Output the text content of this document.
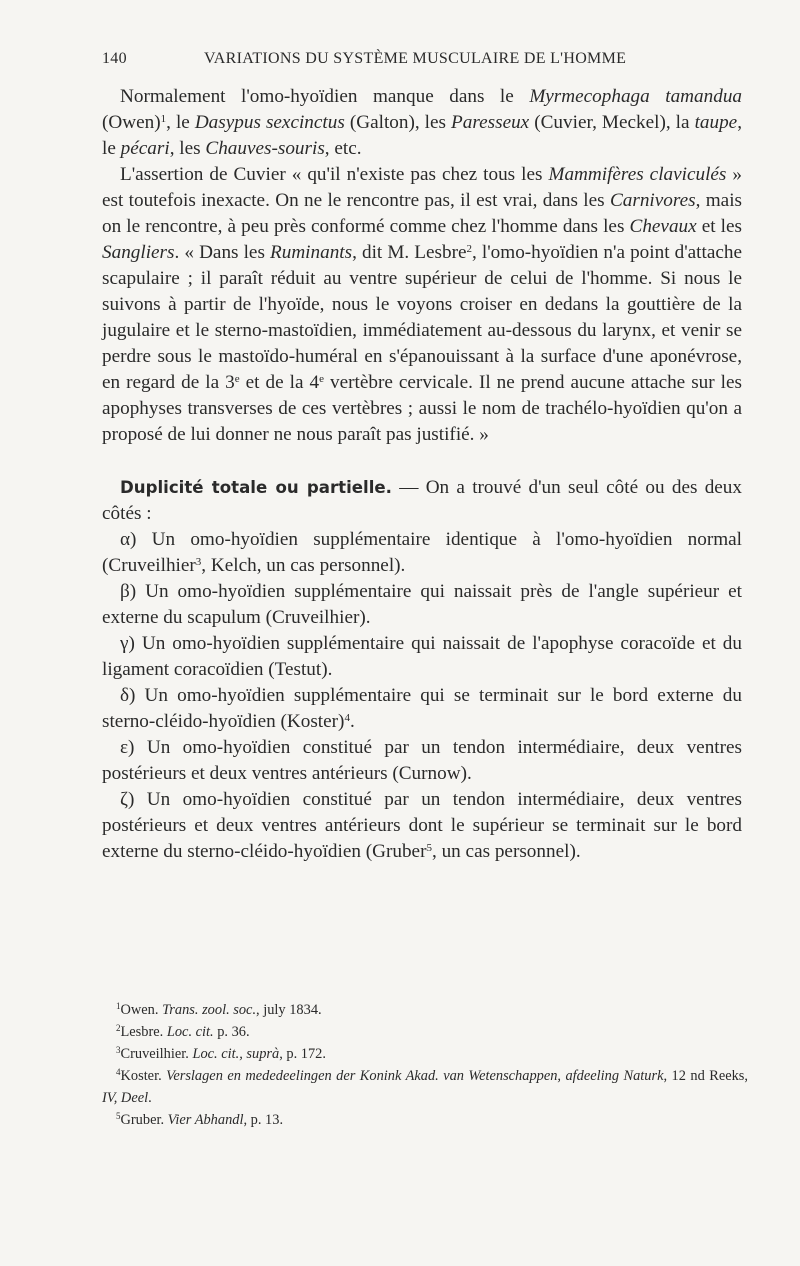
140	VARIATIONS DU SYSTÈME MUSCULAIRE DE L'HOMME

Normalement l'omo-hyoïdien manque dans le Myrmecophaga tamandua (Owen)$^1$, le Dasypus sexcinctus (Galton), les Paresseux (Cuvier, Meckel), la taupe, le pécari, les Chauves-souris, etc.

L'assertion de Cuvier « qu'il n'existe pas chez tous les Mammifères claviculés » est toutefois inexacte. On ne le rencontre pas, il est vrai, dans les Carnivores, mais on le rencontre, à peu près conformé comme chez l'homme dans les Chevaux et les Sangliers. « Dans les Ruminants, dit M. Lesbre$^2$, l'omo-hyoïdien n'a point d'attache scapulaire ; il paraît réduit au ventre supérieur de celui de l'homme. Si nous le suivons à partir de l'hyoïde, nous le voyons croiser en dedans la gouttière de la jugulaire et le sterno-mastoïdien, immédiatement au-dessous du larynx, et venir se perdre sous le mastoïdo-huméral en s'épanouissant à la surface d'une aponévrose, en regard de la 3e et de la 4e vertèbre cervicale. Il ne prend aucune attache sur les apophyses transverses de ces vertèbres ; aussi le nom de trachélo-hyoïdien qu'on a proposé de lui donner ne nous paraît pas justifié. »

Duplicité totale ou partielle. — On a trouvé d'un seul côté ou des deux côtés :

α) Un omo-hyoïdien supplémentaire identique à l'omo-hyoïdien normal (Cruveilhier$^3$, Kelch, un cas personnel).

β) Un omo-hyoïdien supplémentaire qui naissait près de l'angle supérieur et externe du scapulum (Cruveilhier).

γ) Un omo-hyoïdien supplémentaire qui naissait de l'apophyse coracoïde et du ligament coracoïdien (Testut).

δ) Un omo-hyoïdien supplémentaire qui se terminait sur le bord externe du sterno-cléido-hyoïdien (Koster)$^4$.

ε) Un omo-hyoïdien constitué par un tendon intermédiaire, deux ventres postérieurs et deux ventres antérieurs (Curnow).

ζ) Un omo-hyoïdien constitué par un tendon intermédiaire, deux ventres postérieurs et deux ventres antérieurs dont le supérieur se terminait sur le bord externe du sterno-cléido-hyoïdien (Gruber$^5$, un cas personnel).

$^1$Owen. Trans. zool. soc., july 1834.

$^2$Lesbre. Loc. cit. p. 36.

$^3$Cruveilhier. Loc. cit., suprà, p. 172.

$^4$Koster. Verslagen en mededeelingen der Konink Akad. van Wetenschappen, afdeeling Naturk, 12 nd Reeks, IV, Deel.

$^5$Gruber. Vier Abhandl, p. 13.
